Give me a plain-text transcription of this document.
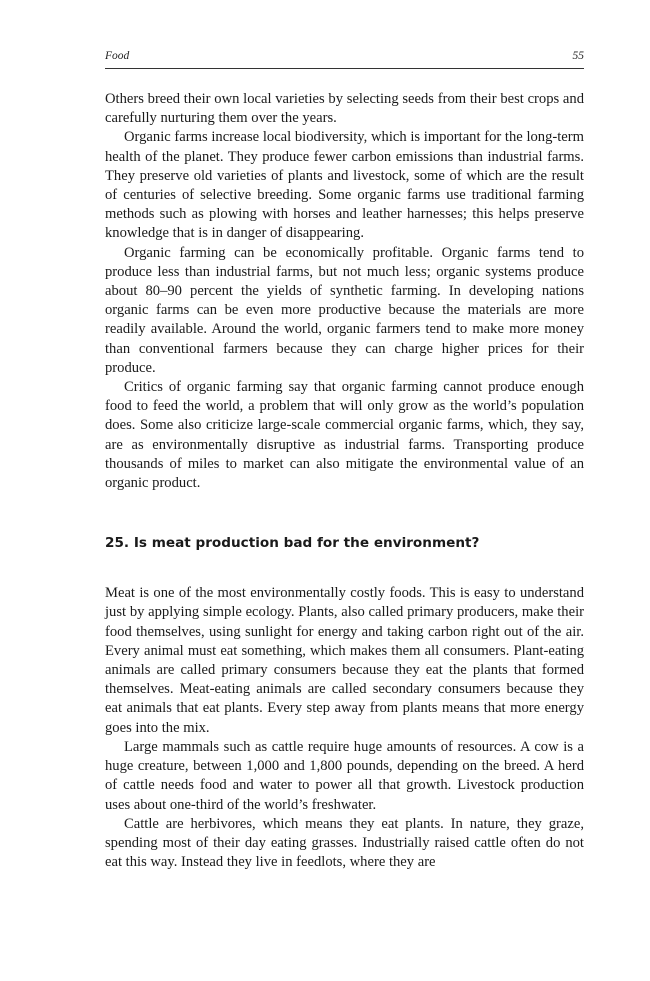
Food	55

Others breed their own local varieties by selecting seeds from their best crops and carefully nurturing them over the years.

Organic farms increase local biodiversity, which is important for the long-term health of the planet. They produce fewer carbon emissions than industrial farms. They preserve old varieties of plants and livestock, some of which are the result of centuries of selective breeding. Some organic farms use traditional farming methods such as plowing with horses and leather harnesses; this helps preserve knowledge that is in danger of disappearing.

Organic farming can be economically profitable. Organic farms tend to produce less than industrial farms, but not much less; organic systems produce about 80–90 percent the yields of synthetic farming. In developing nations organic farms can be even more productive because the materials are more readily available. Around the world, organic farmers tend to make more money than conventional farmers because they can charge higher prices for their produce.

Critics of organic farming say that organic farming cannot produce enough food to feed the world, a problem that will only grow as the world’s population does. Some also criticize large-scale commercial organic farms, which, they say, are as environmentally disruptive as industrial farms. Transporting produce thousands of miles to market can also mitigate the environmental value of an organic product.

25. Is meat production bad for the environment?

Meat is one of the most environmentally costly foods. This is easy to understand just by applying simple ecology. Plants, also called primary producers, make their food themselves, using sunlight for energy and taking carbon right out of the air. Every animal must eat something, which makes them all consumers. Plant-eating animals are called primary consumers because they eat the plants that formed themselves. Meat-eating animals are called secondary consumers because they eat animals that eat plants. Every step away from plants means that more energy goes into the mix.

Large mammals such as cattle require huge amounts of resources. A cow is a huge creature, between 1,000 and 1,800 pounds, depending on the breed. A herd of cattle needs food and water to power all that growth. Livestock production uses about one-third of the world’s freshwater.

Cattle are herbivores, which means they eat plants. In nature, they graze, spending most of their day eating grasses. Industrially raised cattle often do not eat this way. Instead they live in feedlots, where they are
